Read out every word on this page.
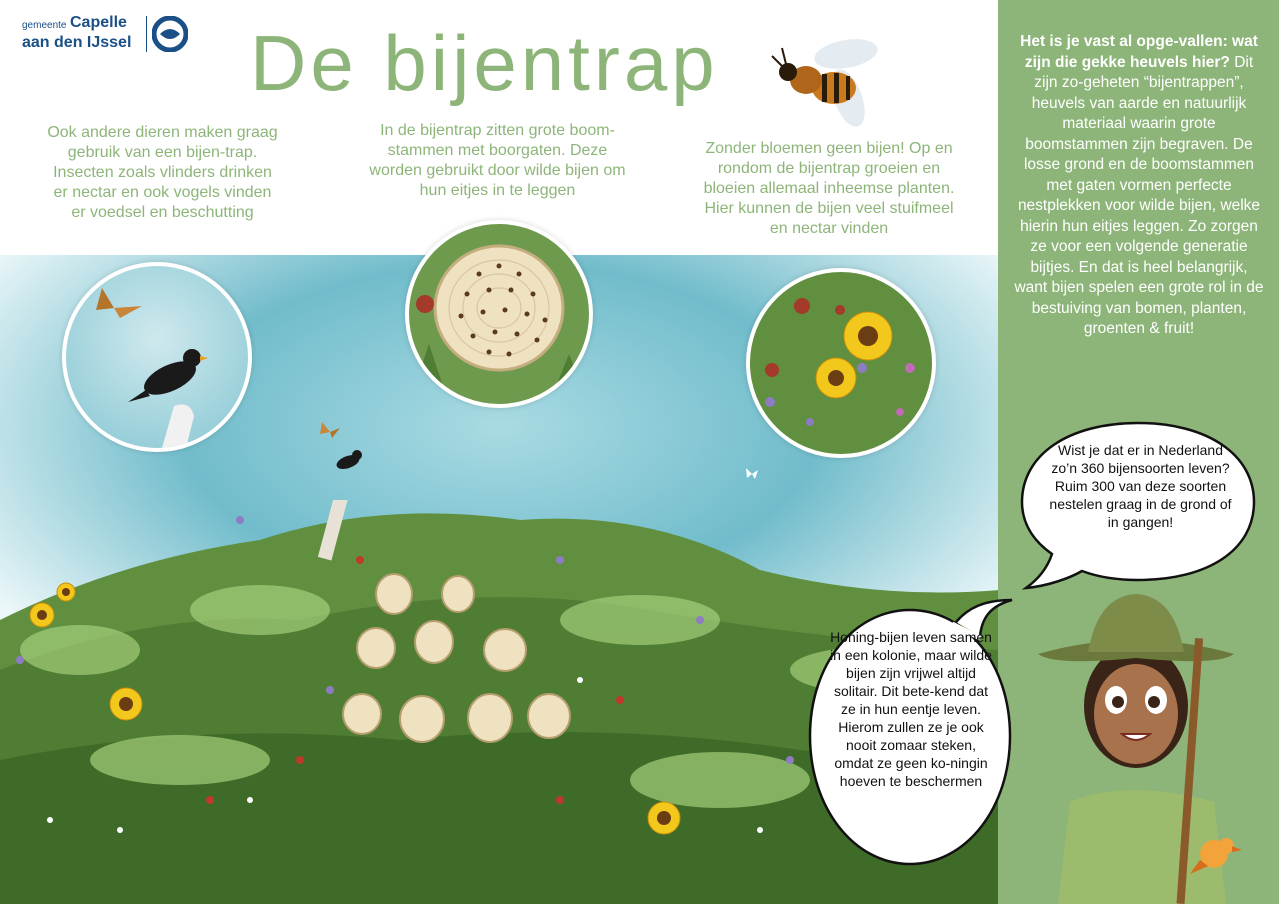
gemeente Capelle
aan den IJssel De bijentrap
Ook andere dieren maken graag gebruik van een bijen-trap. Insecten zoals vlinders drinken er nectar en ook vogels vinden er voedsel en beschutting
In de bijentrap zitten grote boom-stammen met boorgaten. Deze worden gebruikt door wilde bijen om hun eitjes in te leggen
Zonder bloemen geen bijen! Op en rondom de bijentrap groeien en bloeien allemaal inheemse planten. Hier kunnen de bijen veel stuifmeel en nectar vinden
Het is je vast al opge-vallen: wat zijn die gekke heuvels hier? Dit zijn zo-geheten “bijentrappen”, heuvels van aarde en natuurlijk materiaal waarin grote boomstammen zijn begraven. De losse grond en de boomstammen met gaten vormen perfecte nestplekken voor wilde bijen, welke hierin hun eitjes leggen. Zo zorgen ze voor een volgende generatie bijtjes. En dat is heel belangrijk, want bijen spelen een grote rol in de bestuiving van bomen, planten, groenten & fruit!
Wist je dat er in Nederland zo’n 360 bijensoorten leven? Ruim 300 van deze soorten nestelen graag in de grond of in gangen!
Honing-bijen leven samen in een kolonie, maar wilde bijen zijn vrijwel altijd solitair. Dit bete-kend dat ze in hun eentje leven. Hierom zullen ze je ook nooit zomaar steken, omdat ze geen ko-ningin hoeven te beschermen
